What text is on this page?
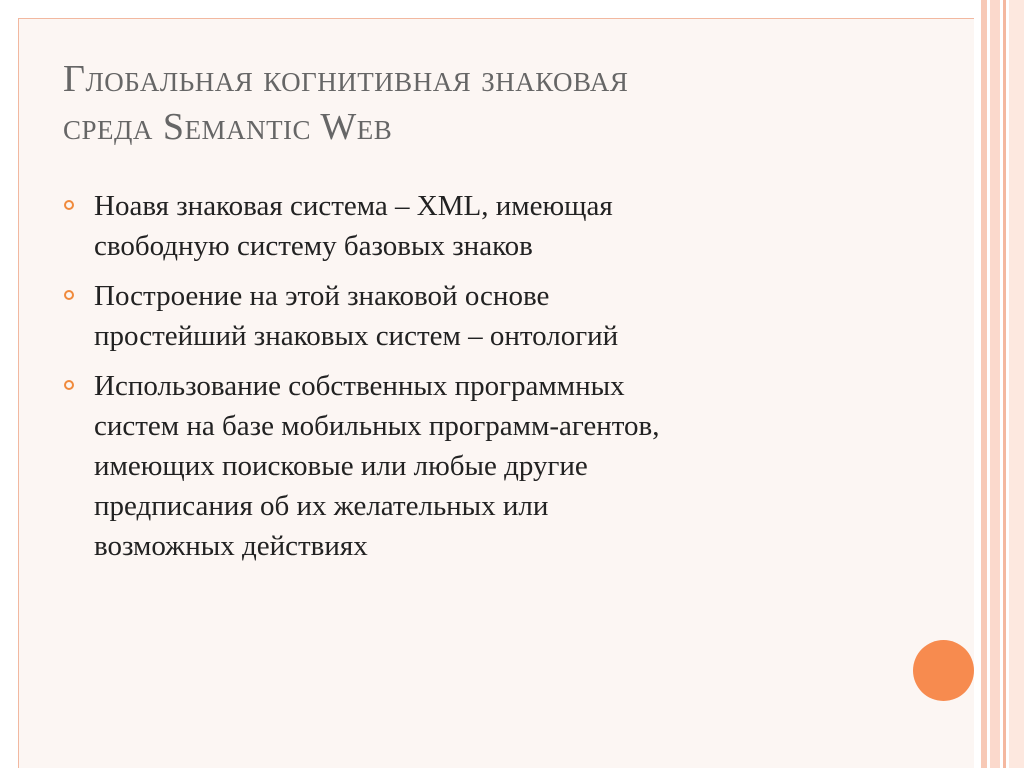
Глобальная когнитивная знаковая
среда Semantic Web
Ноавя знаковая система – XML, имеющая
свободную систему базовых знаков
Построение на этой знаковой основе
простейший знаковых систем – онтологий
Использование собственных программных
систем на базе мобильных программ-агентов,
имеющих поисковые или любые другие
предписания об их желательных или
возможных действиях
